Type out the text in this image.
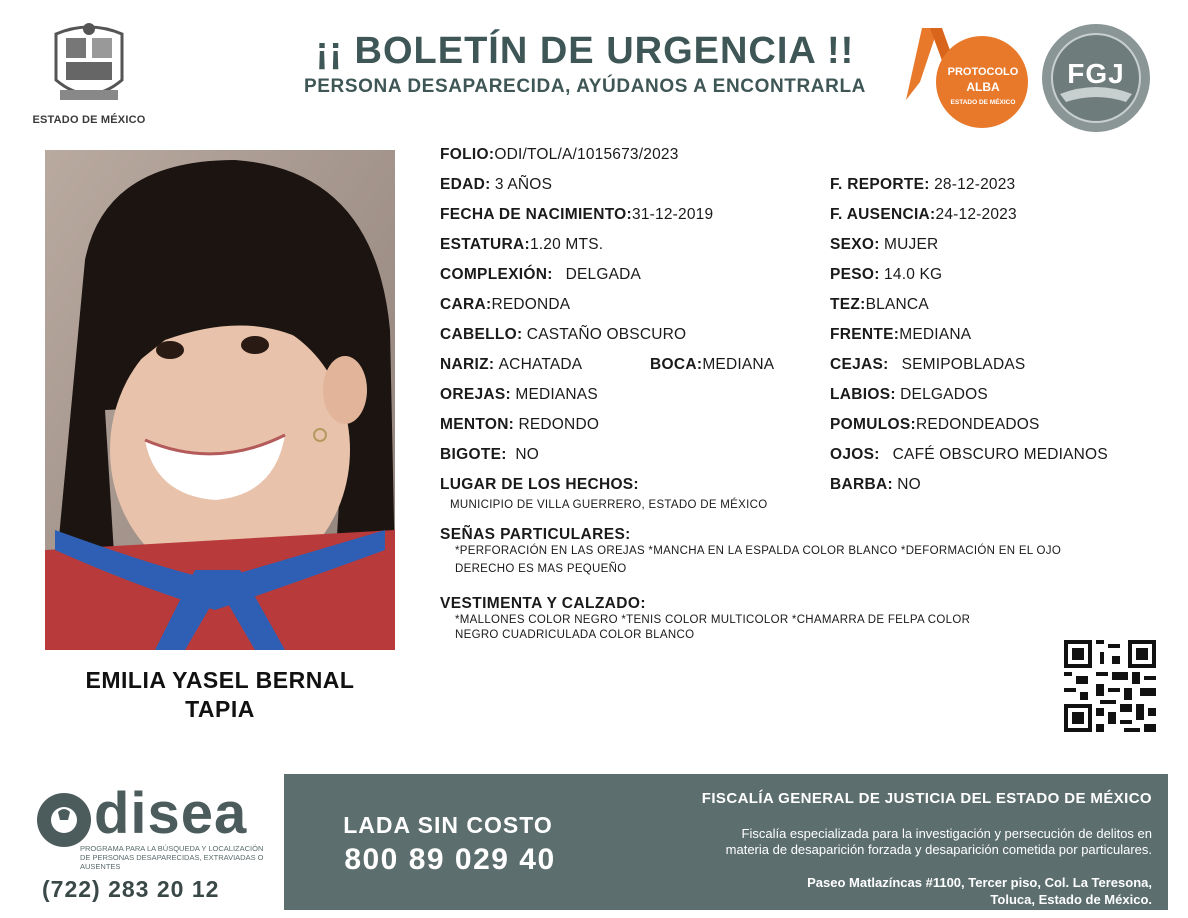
ESTADO DE MÉXICO
¡¡ BOLETÍN DE URGENCIA !!
PERSONA DESAPARECIDA, AYÚDANOS A ENCONTRARLA
PROTOCOLO
ALBA
ESTADO DE MÉXICO
FGJ
EMILIA YASEL BERNAL
TAPIA
FOLIO:ODI/TOL/A/1015673/2023
EDAD: 3 AÑOS	F. REPORTE: 28-12-2023
FECHA DE NACIMIENTO:31-12-2019	F. AUSENCIA:24-12-2023
ESTATURA:1.20 MTS.	SEXO: MUJER
COMPLEXIÓN: DELGADA	PESO: 14.0 KG
CARA:REDONDA	TEZ:BLANCA
CABELLO: CASTAÑO OBSCURO	FRENTE:MEDIANA
NARIZ: ACHATADA	BOCA:MEDIANA	CEJAS: SEMIPOBLADAS
OREJAS: MEDIANAS	LABIOS: DELGADOS
MENTON: REDONDO	POMULOS:REDONDEADOS
BIGOTE: NO	OJOS: CAFÉ OBSCURO MEDIANOS
LUGAR DE LOS HECHOS:
MUNICIPIO DE VILLA GUERRERO, ESTADO DE MÉXICO
BARBA: NO
SEÑAS PARTICULARES:
*PERFORACIÓN EN LAS OREJAS *MANCHA EN LA ESPALDA COLOR BLANCO *DEFORMACIÓN EN EL OJO
DERECHO ES MAS PEQUEÑO
VESTIMENTA Y CALZADO:
*MALLONES COLOR NEGRO *TENIS COLOR MULTICOLOR *CHAMARRA DE FELPA COLOR
NEGRO CUADRICULADA COLOR BLANCO
disea
PROGRAMA PARA LA BÚSQUEDA Y LOCALIZACIÓN DE PERSONAS DESAPARECIDAS, EXTRAVIADAS O AUSENTES
(722) 283 20 12
LADA SIN COSTO
800 89 029 40
FISCALÍA GENERAL DE JUSTICIA DEL ESTADO DE MÉXICO
Fiscalía especializada para la investigación y persecución de delitos en
materia de desaparición forzada y desaparición cometida por particulares.
Paseo Matlazíncas #1100, Tercer piso, Col. La Teresona,
Toluca, Estado de México.
